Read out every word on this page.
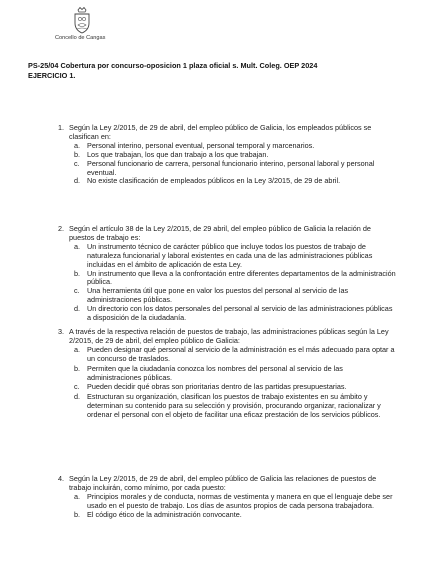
Concello de Cangas
PS-25/04 Cobertura por concurso-oposicion 1 plaza oficial s. Mult. Coleg. OEP 2024
EJERCICIO 1.
1. Según la Ley 2/2015, de 29 de abril, del empleo público de Galicia, los empleados públicos se clasifican en:
a. Personal interino, personal eventual, personal temporal y marcenarios.
b. Los que trabajan, los que dan trabajo a los que trabajan.
c. Personal funcionario de carrera, personal funcionario interino, personal laboral y personal eventual.
d. No existe clasificación de empleados públicos en la Ley 3/2015, de 29 de abril.
2. Según el artículo 38 de la Ley 2/2015, de 29 abril, del empleo público de Galicia la relación de puestos de trabajo es:
a. Un instrumento técnico de carácter público que incluye todos los puestos de trabajo de naturaleza funcionarial y laboral existentes en cada una de las administraciones públicas incluidas en el ámbito de aplicación de esta Ley.
b. Un instrumento que lleva a la confrontación entre diferentes departamentos de la administración pública.
c. Una herramienta útil que pone en valor los puestos del personal al servicio de las administraciones públicas.
d. Un directorio con los datos personales del personal al servicio de las administraciones públicas a disposición de la ciudadanía.
3. A través de la respectiva relación de puestos de trabajo, las administraciones públicas según la Ley 2/2015, de 29 de abril, del empleo público de Galicia:
a. Pueden designar qué personal al servicio de la administración es el más adecuado para optar a un concurso de traslados.
b. Permiten que la ciudadanía conozca los nombres del personal al servicio de las administraciones públicas.
c. Pueden decidir qué obras son prioritarias dentro de las partidas presupuestarias.
d. Estructuran su organización, clasifican los puestos de trabajo existentes en su ámbito y determinan su contenido para su selección y provisión, procurando organizar, racionalizar y ordenar el personal con el objeto de facilitar una eficaz prestación de los servicios públicos.
4. Según la Ley 2/2015, de 29 de abril, del empleo público de Galicia las relaciones de puestos de trabajo incluirán, como mínimo, por cada puesto:
a. Principios morales y de conducta, normas de vestimenta y manera en que el lenguaje debe ser usado en el puesto de trabajo. Los días de asuntos propios de cada persona trabajadora.
b. El código ético de la administración convocante.
